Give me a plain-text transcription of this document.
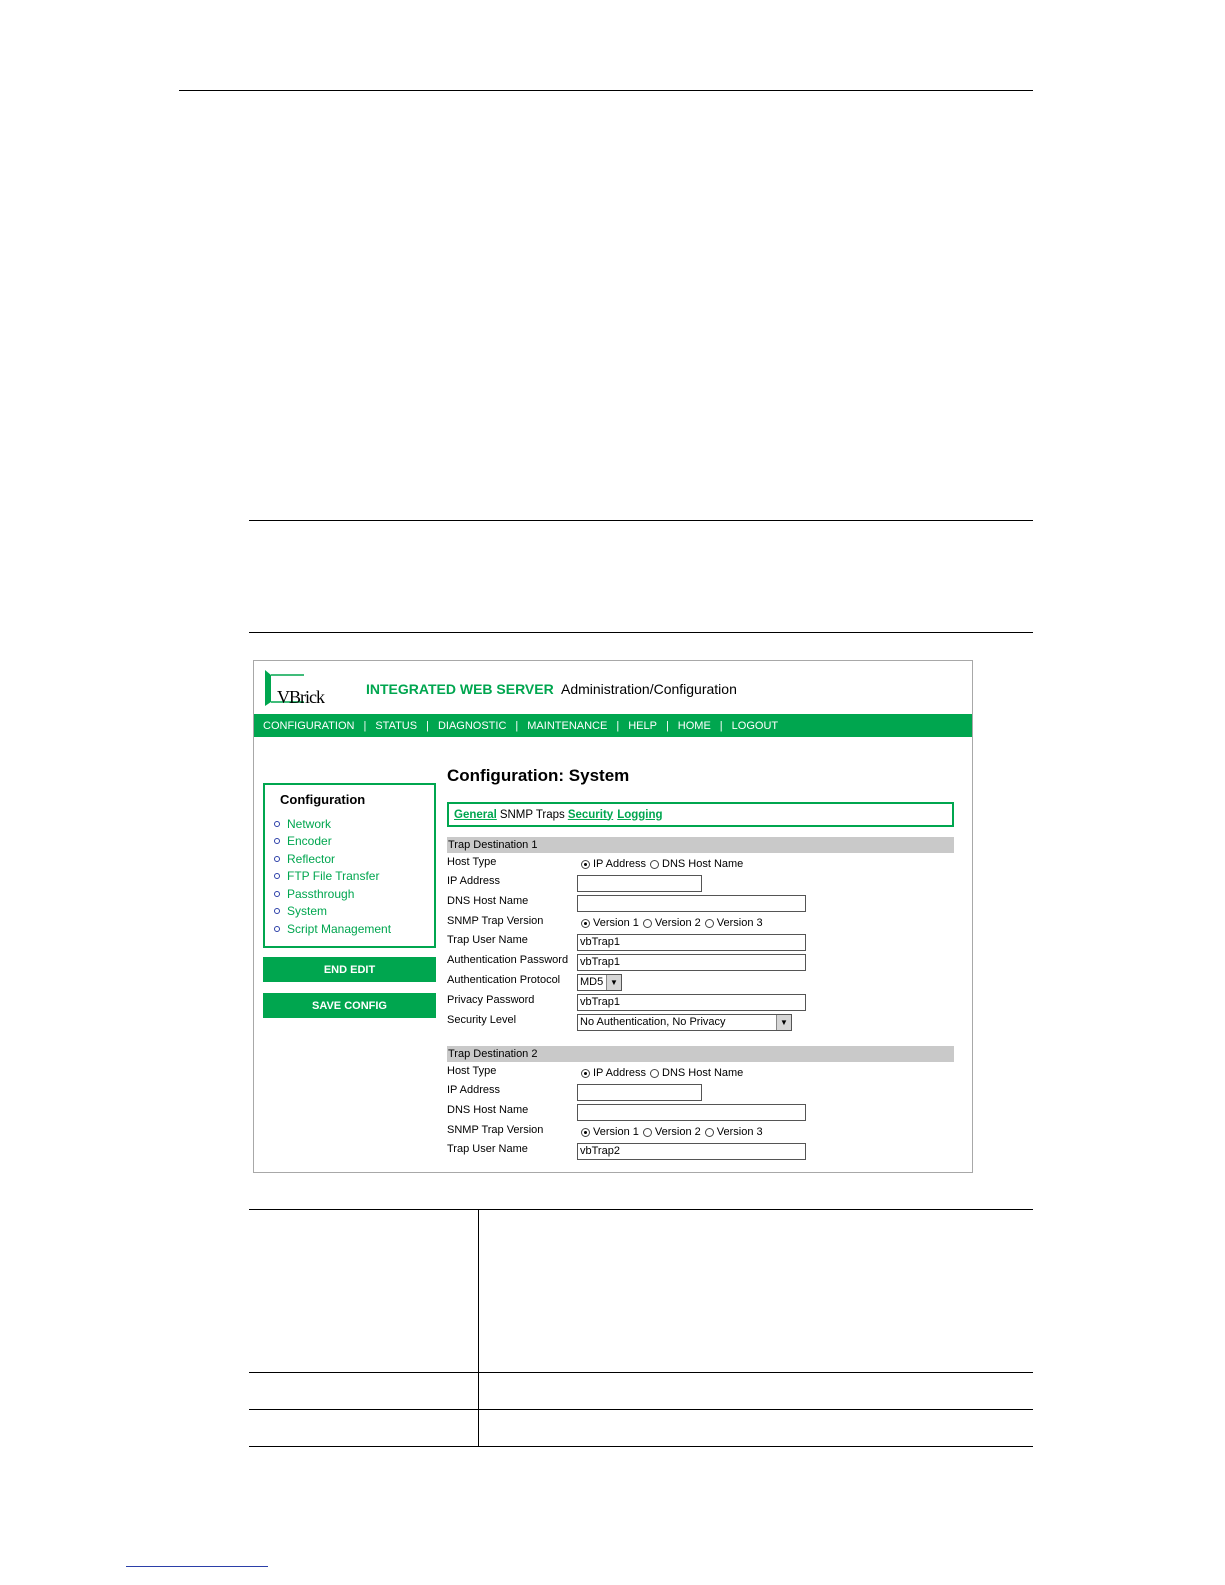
VBrick	INTEGRATED WEB SERVER Administration/Configuration
CONFIGURATION | STATUS | DIAGNOSTIC | MAINTENANCE | HELP | HOME | LOGOUT
Configuration
Network
Encoder
Reflector
FTP File Transfer
Passthrough
System
Script Management
END EDIT
SAVE CONFIG
Configuration: System
General SNMP Traps Security Logging
Trap Destination 1
Host Type	IP Address DNS Host Name
IP Address
DNS Host Name
SNMP Trap Version	Version 1 Version 2 Version 3
Trap User Name	vbTrap1
Authentication Password vbTrap1
Authentication Protocol MD5 ▼
Privacy Password	vbTrap1
Security Level	No Authentication, No Privacy	▼
Trap Destination 2
Host Type	IP Address DNS Host Name
IP Address
DNS Host Name
SNMP Trap Version	Version 1 Version 2 Version 3
Trap User Name	vbTrap2
